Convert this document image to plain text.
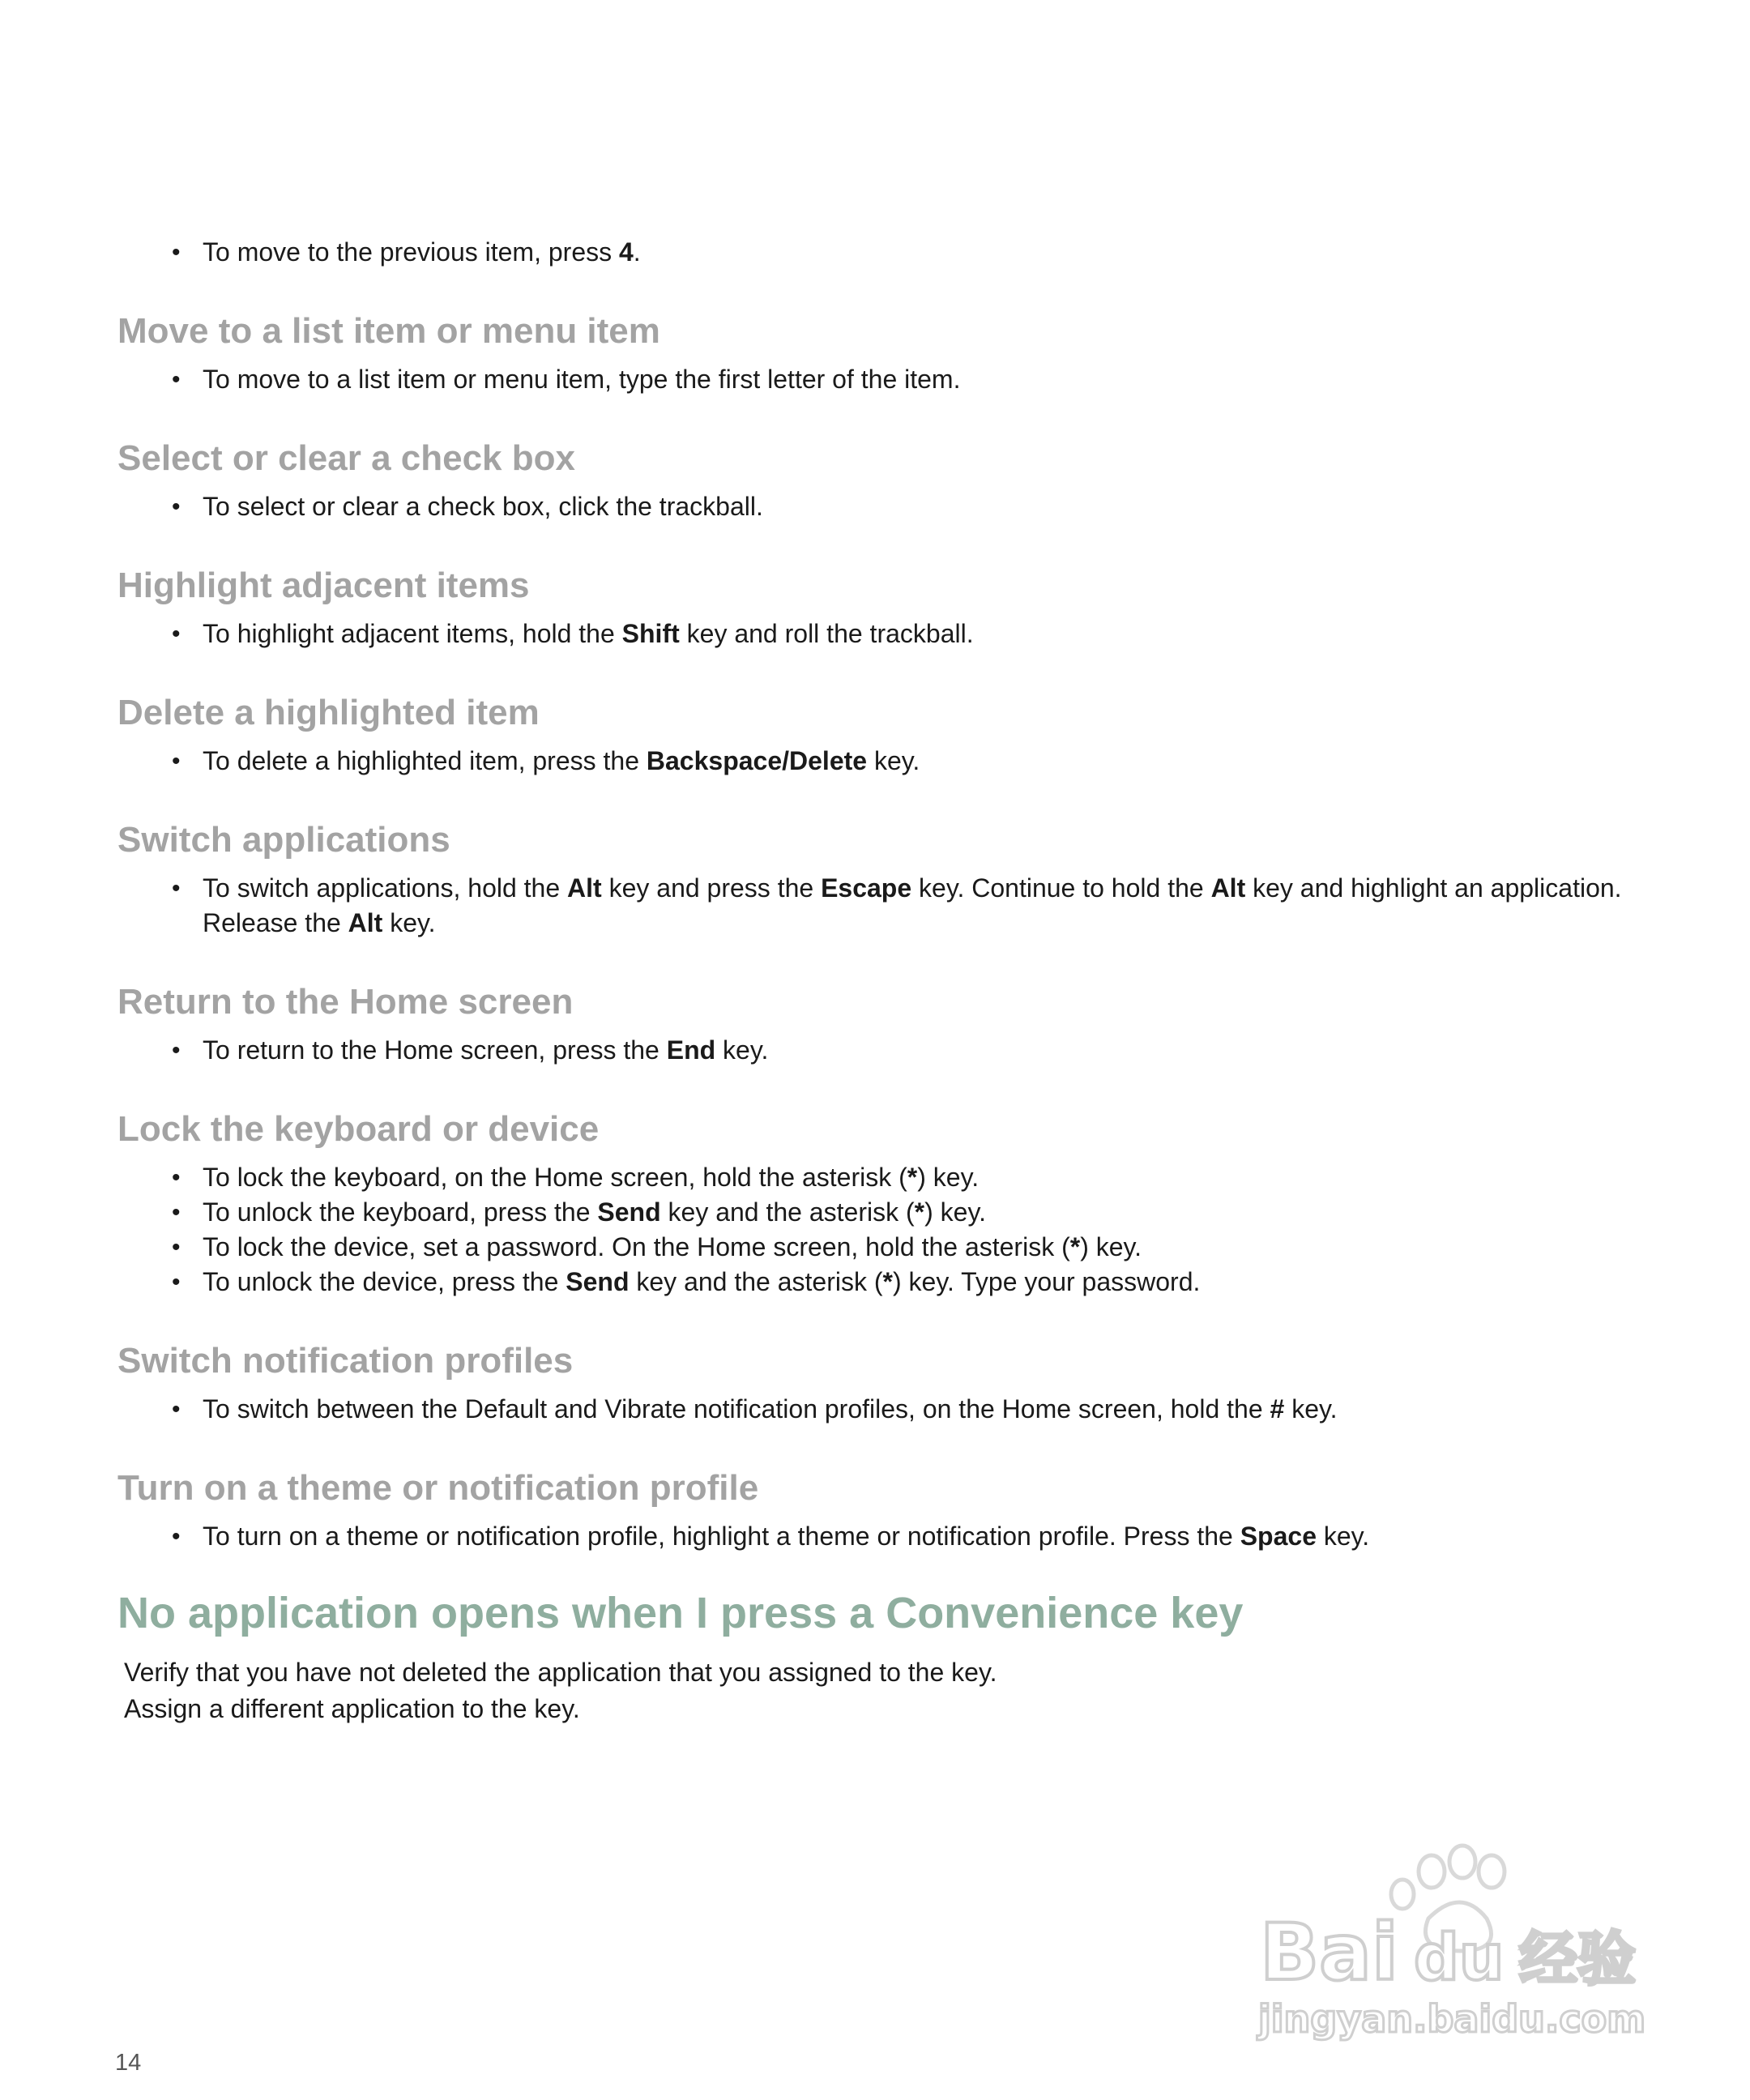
• To move to the previous item, press 4.
Move to a list item or menu item
• To move to a list item or menu item, type the first letter of the item.
Select or clear a check box
• To select or clear a check box, click the trackball.
Highlight adjacent items
• To highlight adjacent items, hold the Shift key and roll the trackball.
Delete a highlighted item
• To delete a highlighted item, press the Backspace/Delete key.
Switch applications
• To switch applications, hold the Alt key and press the Escape key. Continue to hold the Alt key and highlight an application. Release the Alt key.
Return to the Home screen
• To return to the Home screen, press the End key.
Lock the keyboard or device
• To lock the keyboard, on the Home screen, hold the asterisk (*) key.
• To unlock the keyboard, press the Send key and the asterisk (*) key.
• To lock the device, set a password. On the Home screen, hold the asterisk (*) key.
• To unlock the device, press the Send key and the asterisk (*) key. Type your password.
Switch notification profiles
• To switch between the Default and Vibrate notification profiles, on the Home screen, hold the # key.
Turn on a theme or notification profile
• To turn on a theme or notification profile, highlight a theme or notification profile. Press the Space key.
No application opens when I press a Convenience key

Verify that you have not deleted the application that you assigned to the key.

Assign a different application to the key.

Bai du 经验
jingyan.baidu.com
14
